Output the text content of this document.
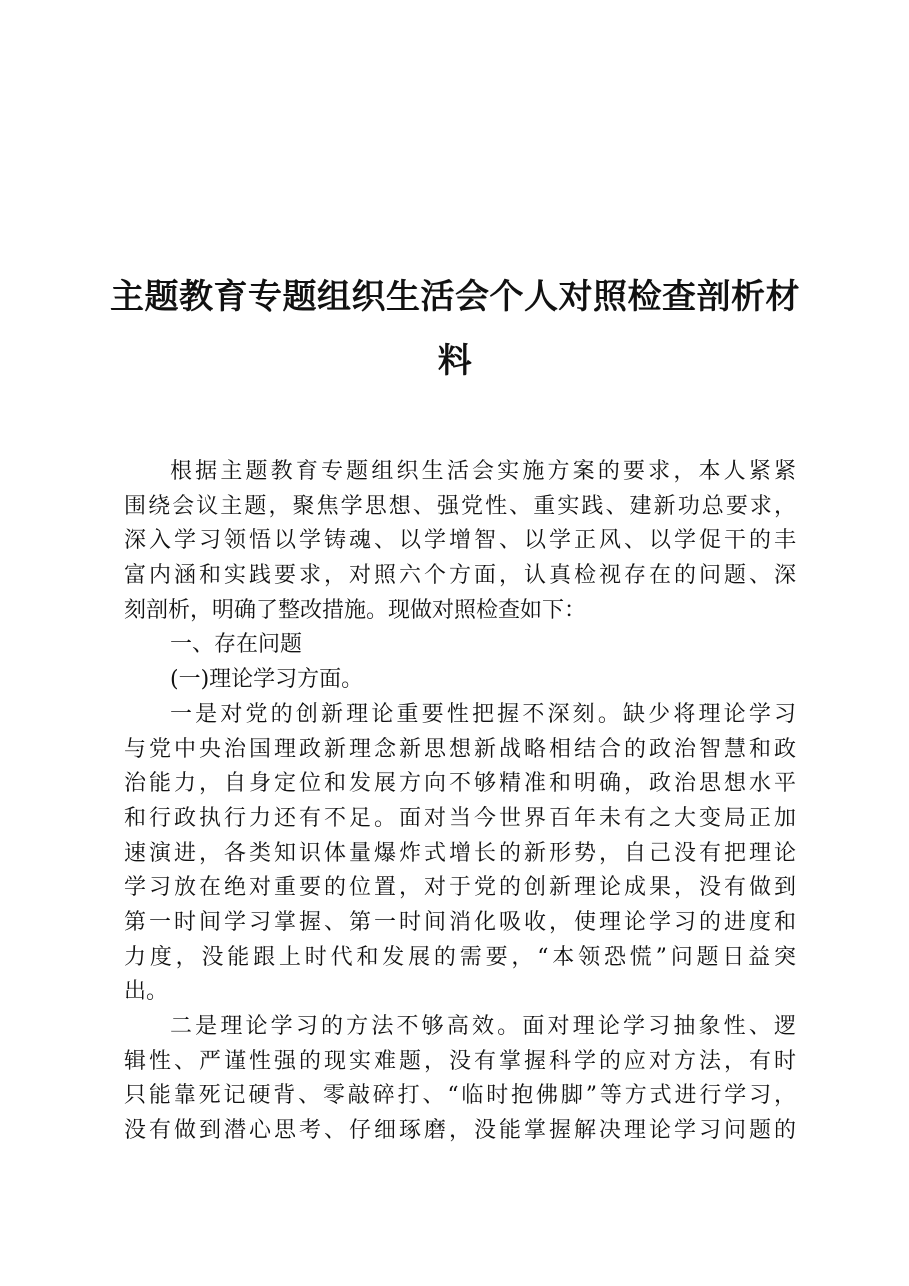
主题教育专题组织生活会个人对照检查剖析材
料
根据主题教育专题组织生活会实施方案的要求，本人紧紧
围绕会议主题，聚焦学思想、强党性、重实践、建新功总要求，
深入学习领悟以学铸魂、以学增智、以学正风、以学促干的丰
富内涵和实践要求，对照六个方面，认真检视存在的问题、深
刻剖析，明确了整改措施。现做对照检查如下：
一、存在问题
(一)理论学习方面。
一是对党的创新理论重要性把握不深刻。缺少将理论学习
与党中央治国理政新理念新思想新战略相结合的政治智慧和政
治能力，自身定位和发展方向不够精准和明确，政治思想水平
和行政执行力还有不足。面对当今世界百年未有之大变局正加
速演进，各类知识体量爆炸式增长的新形势，自己没有把理论
学习放在绝对重要的位置，对于党的创新理论成果，没有做到
第一时间学习掌握、第一时间消化吸收，使理论学习的进度和
力度，没能跟上时代和发展的需要，“本领恐慌”问题日益突
出。
二是理论学习的方法不够高效。面对理论学习抽象性、逻
辑性、严谨性强的现实难题，没有掌握科学的应对方法，有时
只能靠死记硬背、零敲碎打、“临时抱佛脚”等方式进行学习，
没有做到潜心思考、仔细琢磨，没能掌握解决理论学习问题的
